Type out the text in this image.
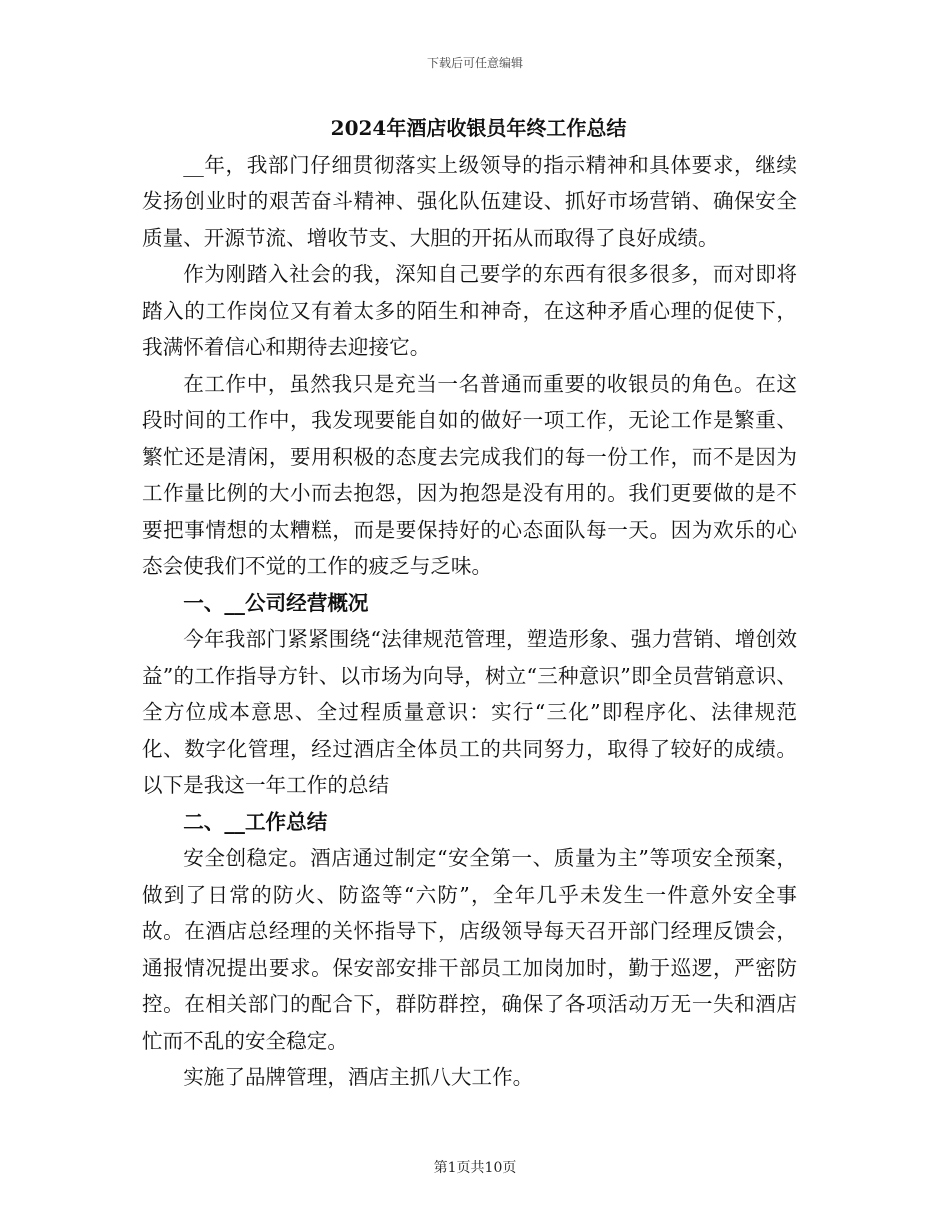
下载后可任意编辑
2024年酒店收银员年终工作总结

__年，我部门仔细贯彻落实上级领导的指示精神和具体要求，继续发扬创业时的艰苦奋斗精神、强化队伍建设、抓好市场营销、确保安全质量、开源节流、增收节支、大胆的开拓从而取得了良好成绩。

作为刚踏入社会的我，深知自己要学的东西有很多很多，而对即将踏入的工作岗位又有着太多的陌生和神奇，在这种矛盾心理的促使下，我满怀着信心和期待去迎接它。

在工作中，虽然我只是充当一名普通而重要的收银员的角色。在这段时间的工作中，我发现要能自如的做好一项工作，无论工作是繁重、繁忙还是清闲，要用积极的态度去完成我们的每一份工作，而不是因为工作量比例的大小而去抱怨，因为抱怨是没有用的。我们更要做的是不要把事情想的太糟糕，而是要保持好的心态面队每一天。因为欢乐的心态会使我们不觉的工作的疲乏与乏味。

一、__公司经营概况

今年我部门紧紧围绕“法律规范管理，塑造形象、强力营销、增创效益”的工作指导方针、以市场为向导，树立“三种意识”即全员营销意识、全方位成本意思、全过程质量意识：实行“三化”即程序化、法律规范化、数字化管理，经过酒店全体员工的共同努力，取得了较好的成绩。以下是我这一年工作的总结

二、__工作总结

安全创稳定。酒店通过制定“安全第一、质量为主”等项安全预案，做到了日常的防火、防盗等“六防”，全年几乎未发生一件意外安全事故。在酒店总经理的关怀指导下，店级领导每天召开部门经理反馈会，通报情况提出要求。保安部安排干部员工加岗加时，勤于巡逻，严密防控。在相关部门的配合下，群防群控，确保了各项活动万无一失和酒店忙而不乱的安全稳定。

实施了品牌管理，酒店主抓八大工作。

第1页共10页
